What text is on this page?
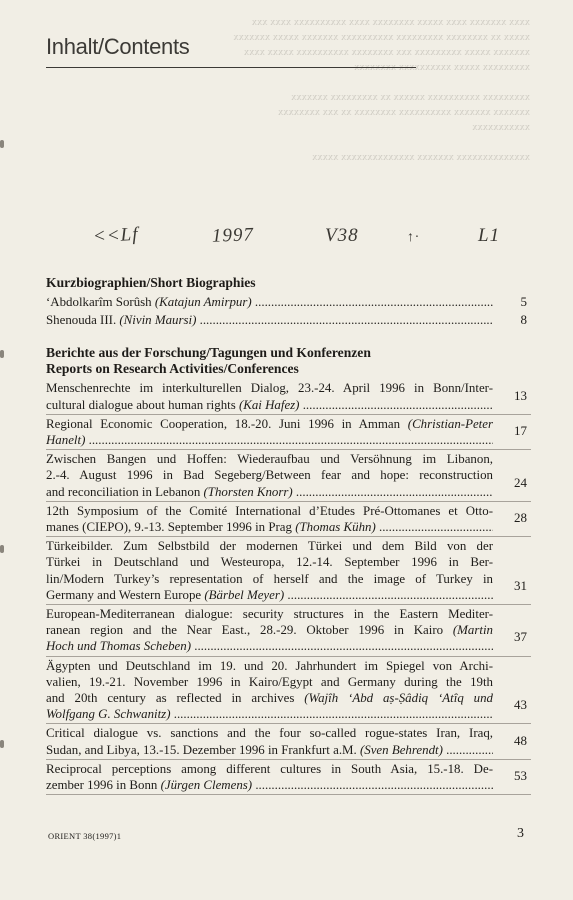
xxxx xxxxxxx xxxx xxxxx xxxxxxxx xxxx xxxxxxxxxx xxxx xxx
xxxxx xx xxxxxxxx xxxxxxxxx xxxxxxxxxx xxxxxxx xxxxx xxxxxxx
xxxxxxx xxxxx xxxxxxxxx xxx xxxxxxxx xxxxxxxxxx xxxxx xxxx
xxxxxxxxx xxxxx xxxxxxxxxx xxxxxxxx

xxxxxxxxx xxxxxxxxxx xxxxxx xx xxxxxxxxx xxxxxxx
xxxxxxx xxxxxxx xxxxxxxxxx xxxxxxxx xx xxx xxxxxxxx
xxxxxxxxxxx

xxxxxxxxxxxxxx xxxxxxx xxxxxxxxxxxxxx xxxxx
Inhalt/Contents
<<Lf	1997	V38	↑·	L1
Kurzbiographien/Short Biographies
‘Abdolkarîm Sorûsh (Katajun Amirpur) .....	5
Shenouda III. (Nivin Maursi) .....	8
Berichte aus der Forschung/Tagungen und Konferenzen
Reports on Research Activities/Conferences
Menschenrechte im interkulturellen Dialog, 23.-24. April 1996 in Bonn/Inter-
cultural dialogue about human rights (Kai Hafez) .....
13
Regional Economic Cooperation, 18.-20. Juni 1996 in Amman (Christian-Peter
Hanelt) .....
17
Zwischen Bangen und Hoffen: Wiederaufbau und Versöhnung im Libanon,
2.-4. August 1996 in Bad Segeberg/Between fear and hope: reconstruction
and reconciliation in Lebanon (Thorsten Knorr) .....
24
12th Symposium of the Comité International d’Etudes Pré-Ottomanes et Otto-
manes (CIEPO), 9.-13. September 1996 in Prag (Thomas Kühn) .....
28
Türkeibilder. Zum Selbstbild der modernen Türkei und dem Bild von der
Türkei in Deutschland und Westeuropa, 12.-14. September 1996 in Ber-
lin/Modern Turkey’s representation of herself and the image of Turkey in
Germany and Western Europe (Bärbel Meyer) .....
31
European-Mediterranean dialogue: security structures in the Eastern Mediter-
ranean region and the Near East., 28.-29. Oktober 1996 in Kairo (Martin
Hoch und Thomas Scheben) .....
37
Ägypten und Deutschland im 19. und 20. Jahrhundert im Spiegel von Archi-
valien, 19.-21. November 1996 in Kairo/Egypt and Germany during the 19th
and 20th century as reflected in archives (Wajîh ‘Abd aṣ-Ṣâdiq ‘Atîq und
Wolfgang G. Schwanitz) .....
43
Critical dialogue vs. sanctions and the four so-called rogue-states Iran, Iraq,
Sudan, and Libya, 13.-15. Dezember 1996 in Frankfurt a.M. (Sven Behrendt) .....
48
Reciprocal perceptions among different cultures in South Asia, 15.-18. De-
zember 1996 in Bonn (Jürgen Clemens) .....
53
ORIENT 38(1997)1	3
